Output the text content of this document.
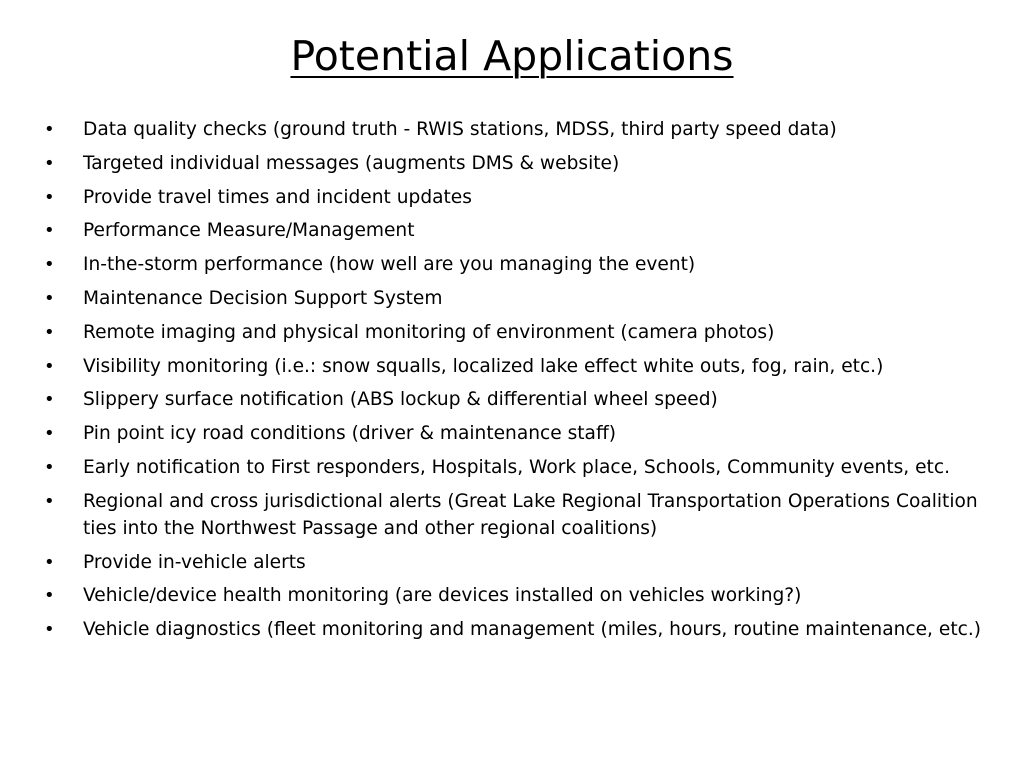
Potential Applications
•	Data quality checks (ground truth - RWIS stations, MDSS, third party speed data)
•	Targeted individual messages (augments DMS & website)
•	Provide travel times and incident updates
•	Performance Measure/Management
•	In-the-storm performance (how well are you managing the event)
•	Maintenance Decision Support System
•	Remote imaging and physical monitoring of environment (camera photos)
•	Visibility monitoring (i.e.: snow squalls, localized lake effect white outs, fog, rain, etc.)
•	Slippery surface notification (ABS lockup & differential wheel speed)
•	Pin point icy road conditions (driver & maintenance staff)
•	Early notification to First responders, Hospitals, Work place, Schools, Community events, etc.
•	Regional and cross jurisdictional alerts (Great Lake Regional Transportation Operations Coalition ties into the Northwest Passage and other regional coalitions)
•	Provide in-vehicle alerts
•	Vehicle/device health monitoring (are devices installed on vehicles working?)
•	Vehicle diagnostics (fleet monitoring and management (miles, hours, routine maintenance, etc.)
